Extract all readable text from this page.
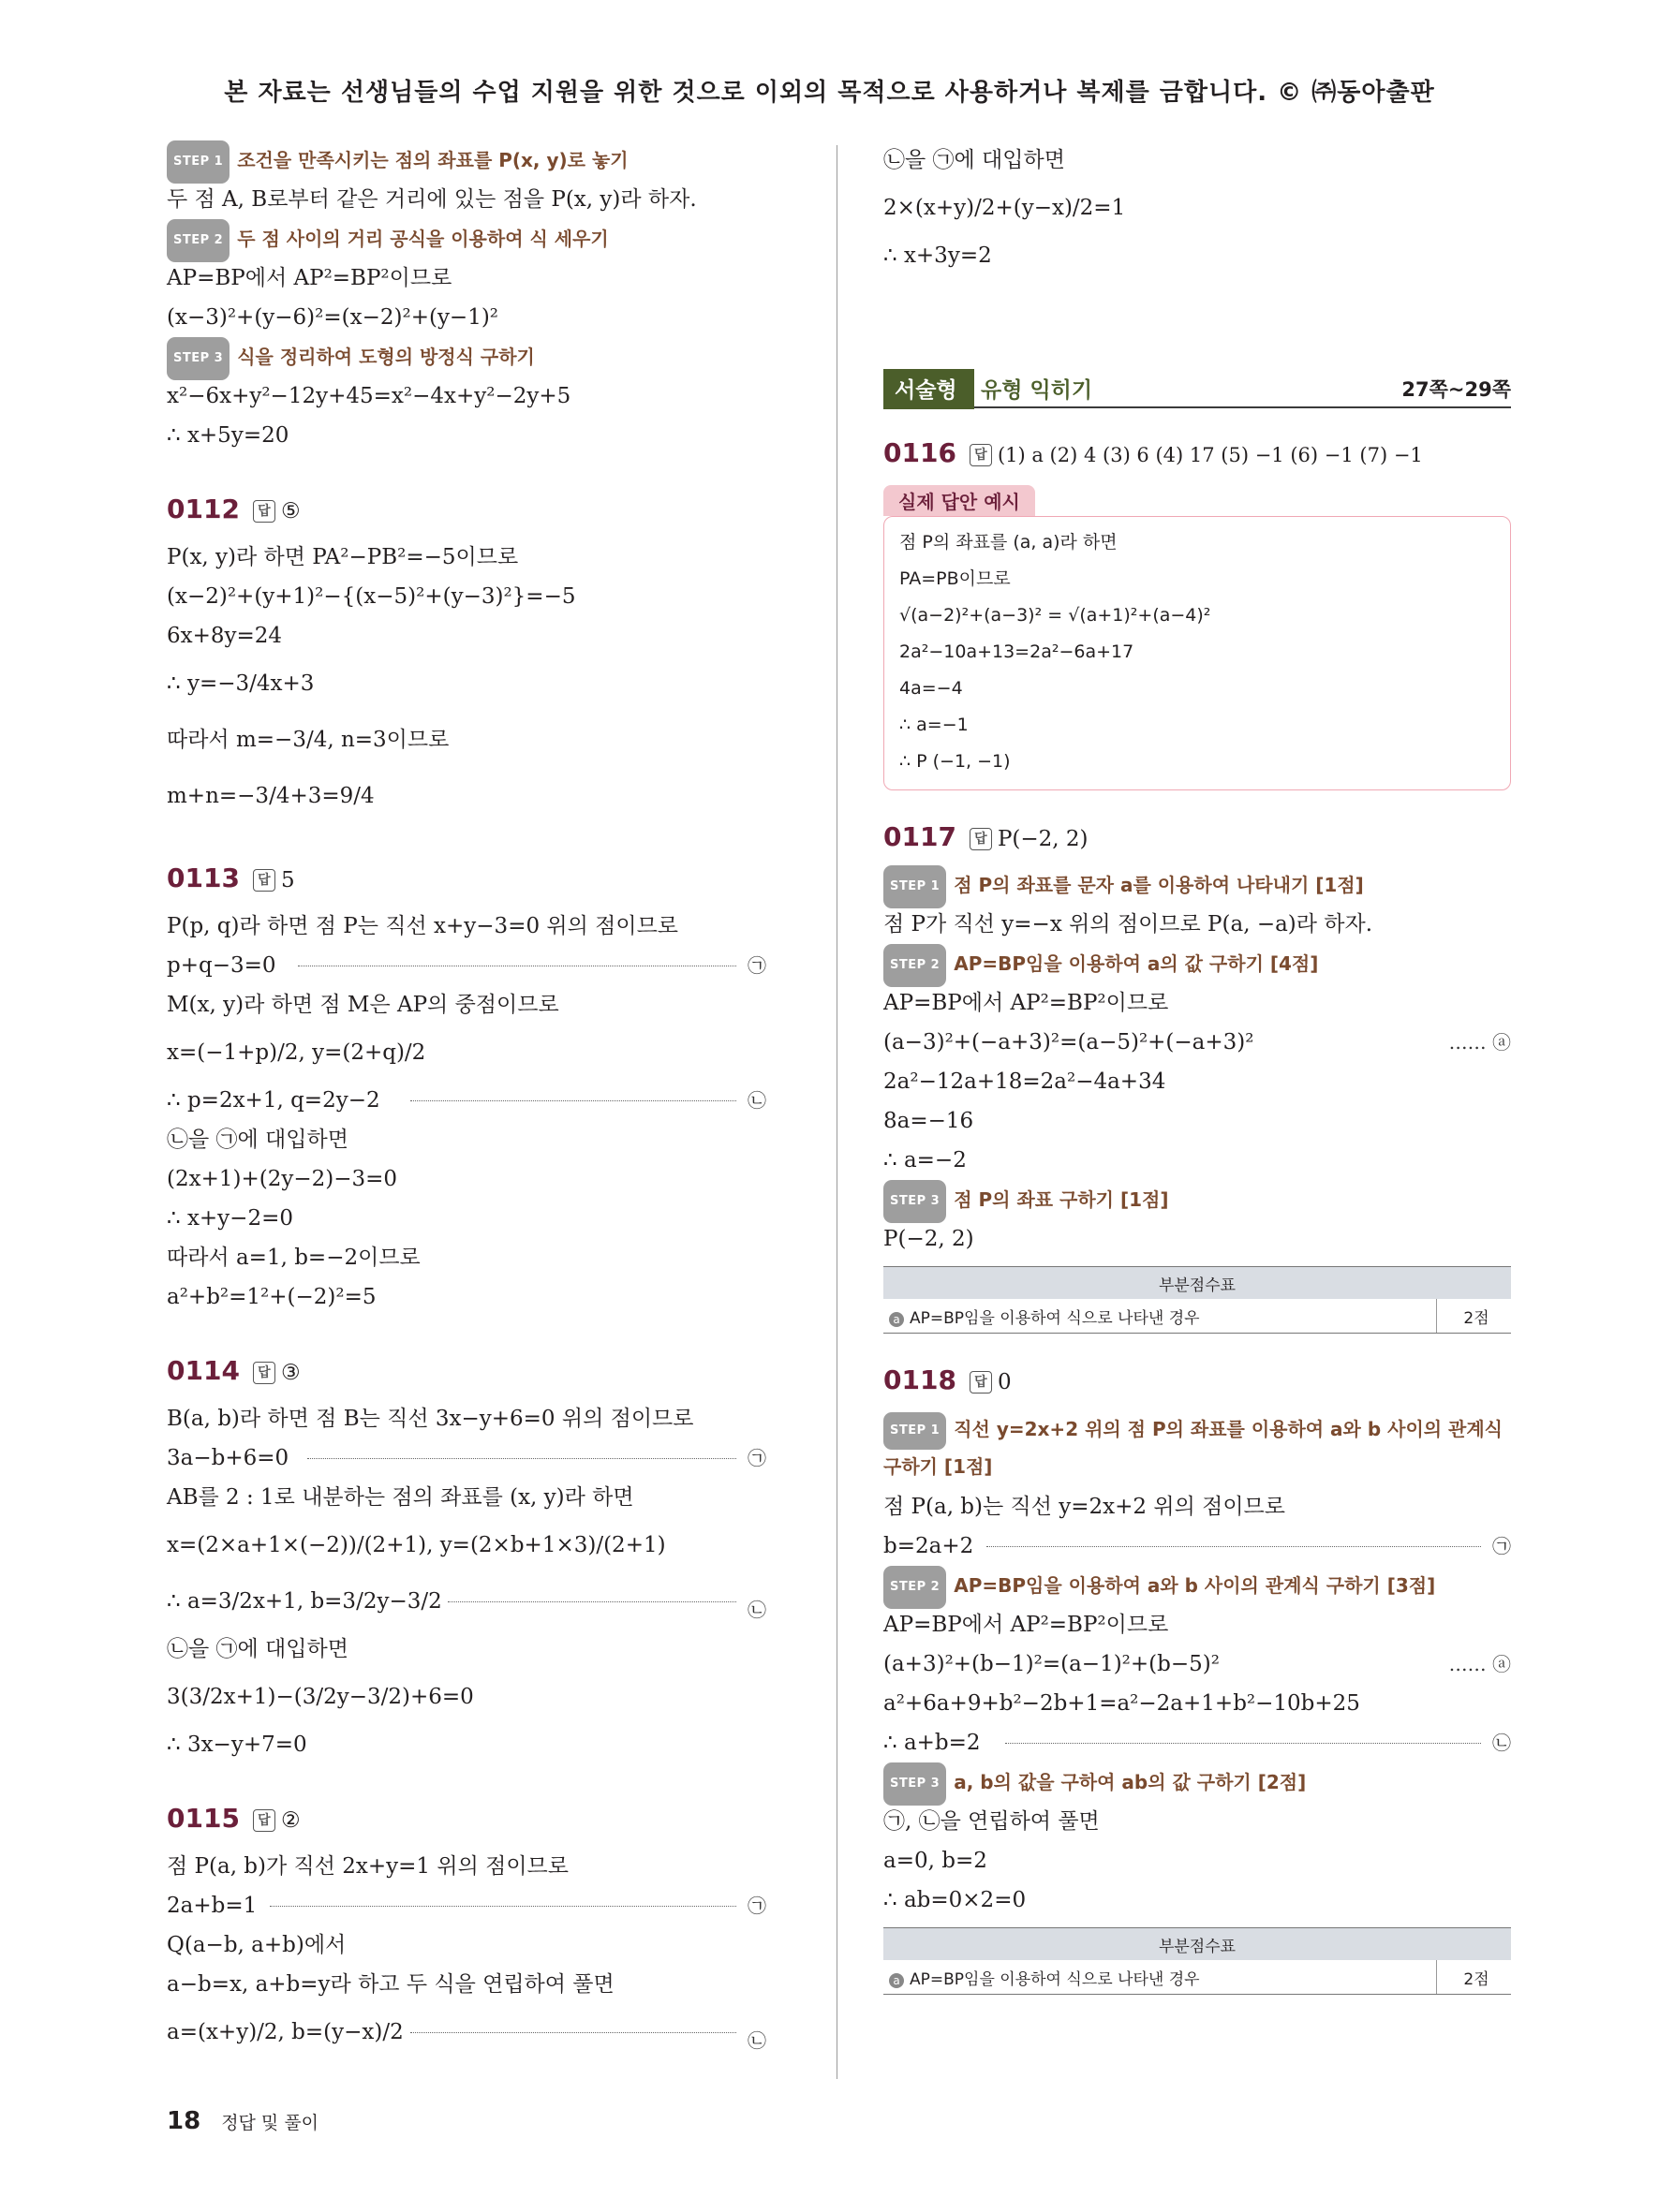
본 자료는 선생님들의 수업 지원을 위한 것으로 이외의 목적으로 사용하거나 복제를 금합니다. © ㈜동아출판
STEP 1 조건을 만족시키는 점의 좌표를 P(x, y)로 놓기
두 점 A, B로부터 같은 거리에 있는 점을 P(x, y)라 하자.
STEP 2 두 점 사이의 거리 공식을 이용하여 식 세우기
AP=BP에서 AP²=BP²이므로
(x−3)²+(y−6)²=(x−2)²+(y−1)²
STEP 3 식을 정리하여 도형의 방정식 구하기
x²−6x+y²−12y+45=x²−4x+y²−2y+5
∴ x+5y=20
0112 답 ⑤
P(x, y)라 하면 PA²−PB²=−5이므로
(x−2)²+(y+1)²−{(x−5)²+(y−3)²}=−5
6x+8y=24
∴ y=−3/4x+3
따라서 m=−3/4, n=3이므로
m+n=−3/4+3=9/4
0113 답 5
P(p, q)라 하면 점 P는 직선 x+y−3=0 위의 점이므로
p+q−3=0	㉠
M(x, y)라 하면 점 M은 AP의 중점이므로
x=(−1+p)/2, y=(2+q)/2
∴ p=2x+1, q=2y−2	㉡
㉡을 ㉠에 대입하면
(2x+1)+(2y−2)−3=0
∴ x+y−2=0
따라서 a=1, b=−2이므로
a²+b²=1²+(−2)²=5
0114 답 ③
B(a, b)라 하면 점 B는 직선 3x−y+6=0 위의 점이므로
3a−b+6=0	㉠
AB를 2 : 1로 내분하는 점의 좌표를 (x, y)라 하면
x=(2×a+1×(−2))/(2+1), y=(2×b+1×3)/(2+1)
∴ a=3/2x+1, b=3/2y−3/2	㉡
㉡을 ㉠에 대입하면
3(3/2x+1)−(3/2y−3/2)+6=0
∴ 3x−y+7=0
0115 답 ②
점 P(a, b)가 직선 2x+y=1 위의 점이므로
2a+b=1	㉠
Q(a−b, a+b)에서
a−b=x, a+b=y라 하고 두 식을 연립하여 풀면
a=(x+y)/2, b=(y−x)/2	㉡
㉡을 ㉠에 대입하면
2×(x+y)/2+(y−x)/2=1
∴ x+3y=2
서술형	유형 익히기	27쪽~29쪽
0116 답 (1) a (2) 4 (3) 6 (4) 17 (5) −1 (6) −1 (7) −1
실제 답안 예시
점 P의 좌표를 (a, a)라 하면
PA=PB이므로
√(a−2)²+(a−3)² = √(a+1)²+(a−4)²
2a²−10a+13=2a²−6a+17
4a=−4
∴ a=−1
∴ P (−1, −1)
0117 답 P(−2, 2)
STEP 1 점 P의 좌표를 문자 a를 이용하여 나타내기 [1점]
점 P가 직선 y=−x 위의 점이므로 P(a, −a)라 하자.
STEP 2 AP=BP임을 이용하여 a의 값 구하기 [4점]
AP=BP에서 AP²=BP²이므로
(a−3)²+(−a+3)²=(a−5)²+(−a+3)²	…… ⓐ
2a²−12a+18=2a²−4a+34
8a=−16
∴ a=−2
STEP 3 점 P의 좌표 구하기 [1점]
P(−2, 2)
부분점수표
a AP=BP임을 이용하여 식으로 나타낸 경우	2점
0118 답 0
STEP 1 직선 y=2x+2 위의 점 P의 좌표를 이용하여 a와 b 사이의 관계식 구하기 [1점]
점 P(a, b)는 직선 y=2x+2 위의 점이므로
b=2a+2	㉠
STEP 2 AP=BP임을 이용하여 a와 b 사이의 관계식 구하기 [3점]
AP=BP에서 AP²=BP²이므로
(a+3)²+(b−1)²=(a−1)²+(b−5)²	…… ⓐ
a²+6a+9+b²−2b+1=a²−2a+1+b²−10b+25
∴ a+b=2	㉡
STEP 3 a, b의 값을 구하여 ab의 값 구하기 [2점]
㉠, ㉡을 연립하여 풀면
a=0, b=2
∴ ab=0×2=0
부분점수표
a AP=BP임을 이용하여 식으로 나타낸 경우	2점
18 정답 및 풀이
